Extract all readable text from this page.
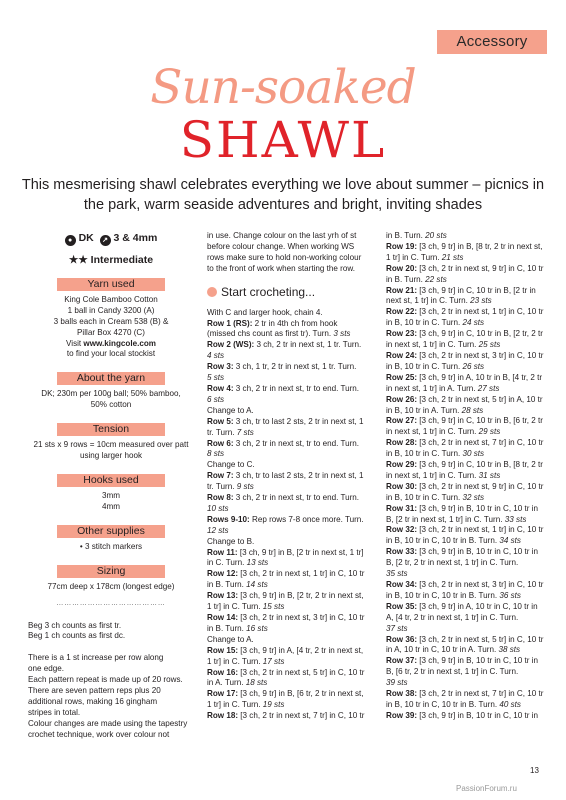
Accessory
Sun-soaked
SHAWL
This mesmerising shawl celebrates everything we love about summer – picnics in the park, warm seaside adventures and bright, inviting shades
● DK ↗ 3 & 4mm
★★ Intermediate
Yarn used
King Cole Bamboo Cotton
1 ball in Candy 3200 (A)
3 balls each in Cream 538 (B) &
Pillar Box 4270 (C)
Visit www.kingcole.com
to find your local stockist
About the yarn
DK; 230m per 100g ball; 50% bamboo,
50% cotton
Tension
21 sts x 9 rows = 10cm measured over patt
using larger hook
Hooks used
3mm
4mm
Other supplies
• 3 stitch markers
Sizing
77cm deep x 178cm (longest edge)
……………………………………
Beg 3 ch counts as first tr.
Beg 1 ch counts as first dc.
There is a 1 st increase per row along
one edge.
Each pattern repeat is made up of 20 rows.
There are seven pattern reps plus 20
additional rows, making 16 gingham
stripes in total.
Colour changes are made using the tapestry
crochet technique, work over colour not
in use. Change colour on the last yrh of st
before colour change. When working WS
rows make sure to hold non-working colour
to the front of work when starting the row.
Start crocheting...
With C and larger hook, chain 4.
Row 1 (RS): 2 tr in 4th ch from hook
(missed chs count as first tr). Turn. 3 sts
Row 2 (WS): 3 ch, 2 tr in next st, 1 tr. Turn.
4 sts
Row 3: 3 ch, 1 tr, 2 tr in next st, 1 tr. Turn.
5 sts
Row 4: 3 ch, 2 tr in next st, tr to end. Turn.
6 sts
Change to A.
Row 5: 3 ch, tr to last 2 sts, 2 tr in next st, 1
tr. Turn. 7 sts
Row 6: 3 ch, 2 tr in next st, tr to end. Turn.
8 sts
Change to C.
Row 7: 3 ch, tr to last 2 sts, 2 tr in next st, 1
tr. Turn. 9 sts
Row 8: 3 ch, 2 tr in next st, tr to end. Turn.
10 sts
Rows 9-10: Rep rows 7-8 once more. Turn.
12 sts
Change to B.
Row 11: [3 ch, 9 tr] in B, [2 tr in next st, 1 tr]
in C. Turn. 13 sts
Row 12: [3 ch, 2 tr in next st, 1 tr] in C, 10 tr
in B. Turn. 14 sts
Row 13: [3 ch, 9 tr] in B, [2 tr, 2 tr in next st,
1 tr] in C. Turn. 15 sts
Row 14: [3 ch, 2 tr in next st, 3 tr] in C, 10 tr
in B. Turn. 16 sts
Change to A.
Row 15: [3 ch, 9 tr] in A, [4 tr, 2 tr in next st,
1 tr] in C. Turn. 17 sts
Row 16: [3 ch, 2 tr in next st, 5 tr] in C, 10 tr
in A. Turn. 18 sts
Row 17: [3 ch, 9 tr] in B, [6 tr, 2 tr in next st,
1 tr] in C. Turn. 19 sts
Row 18: [3 ch, 2 tr in next st, 7 tr] in C, 10 tr
in B. Turn. 20 sts
Row 19: [3 ch, 9 tr] in B, [8 tr, 2 tr in next st,
1 tr] in C. Turn. 21 sts
Row 20: [3 ch, 2 tr in next st, 9 tr] in C, 10 tr
in B. Turn. 22 sts
Row 21: [3 ch, 9 tr] in C, 10 tr in B, [2 tr in
next st, 1 tr] in C. Turn. 23 sts
Row 22: [3 ch, 2 tr in next st, 1 tr] in C, 10 tr
in B, 10 tr in C. Turn. 24 sts
Row 23: [3 ch, 9 tr] in C, 10 tr in B, [2 tr, 2 tr
in next st, 1 tr] in C. Turn. 25 sts
Row 24: [3 ch, 2 tr in next st, 3 tr] in C, 10 tr
in B, 10 tr in C. Turn. 26 sts
Row 25: [3 ch, 9 tr] in A, 10 tr in B, [4 tr, 2 tr
in next st, 1 tr] in A. Turn. 27 sts
Row 26: [3 ch, 2 tr in next st, 5 tr] in A, 10 tr
in B, 10 tr in A. Turn. 28 sts
Row 27: [3 ch, 9 tr] in C, 10 tr in B, [6 tr, 2 tr
in next st, 1 tr] in C. Turn. 29 sts
Row 28: [3 ch, 2 tr in next st, 7 tr] in C, 10 tr
in B, 10 tr in C. Turn. 30 sts
Row 29: [3 ch, 9 tr] in C, 10 tr in B, [8 tr, 2 tr
in next st, 1 tr] in C. Turn. 31 sts
Row 30: [3 ch, 2 tr in next st, 9 tr] in C, 10 tr
in B, 10 tr in C. Turn. 32 sts
Row 31: [3 ch, 9 tr] in B, 10 tr in C, 10 tr in
B, [2 tr in next st, 1 tr] in C. Turn. 33 sts
Row 32: [3 ch, 2 tr in next st, 1 tr] in C, 10 tr
in B, 10 tr in C, 10 tr in B. Turn. 34 sts
Row 33: [3 ch, 9 tr] in B, 10 tr in C, 10 tr in
B, [2 tr, 2 tr in next st, 1 tr] in C. Turn.
35 sts
Row 34: [3 ch, 2 tr in next st, 3 tr] in C, 10 tr
in B, 10 tr in C, 10 tr in B. Turn. 36 sts
Row 35: [3 ch, 9 tr] in A, 10 tr in C, 10 tr in
A, [4 tr, 2 tr in next st, 1 tr] in C. Turn.
37 sts
Row 36: [3 ch, 2 tr in next st, 5 tr] in C, 10 tr
in A, 10 tr in C, 10 tr in A. Turn. 38 sts
Row 37: [3 ch, 9 tr] in B, 10 tr in C, 10 tr in
B, [6 tr, 2 tr in next st, 1 tr] in C. Turn.
39 sts
Row 38: [3 ch, 2 tr in next st, 7 tr] in C, 10 tr
in B, 10 tr in C, 10 tr in B. Turn. 40 sts
Row 39: [3 ch, 9 tr] in B, 10 tr in C, 10 tr in
13
PassionForum.ru
